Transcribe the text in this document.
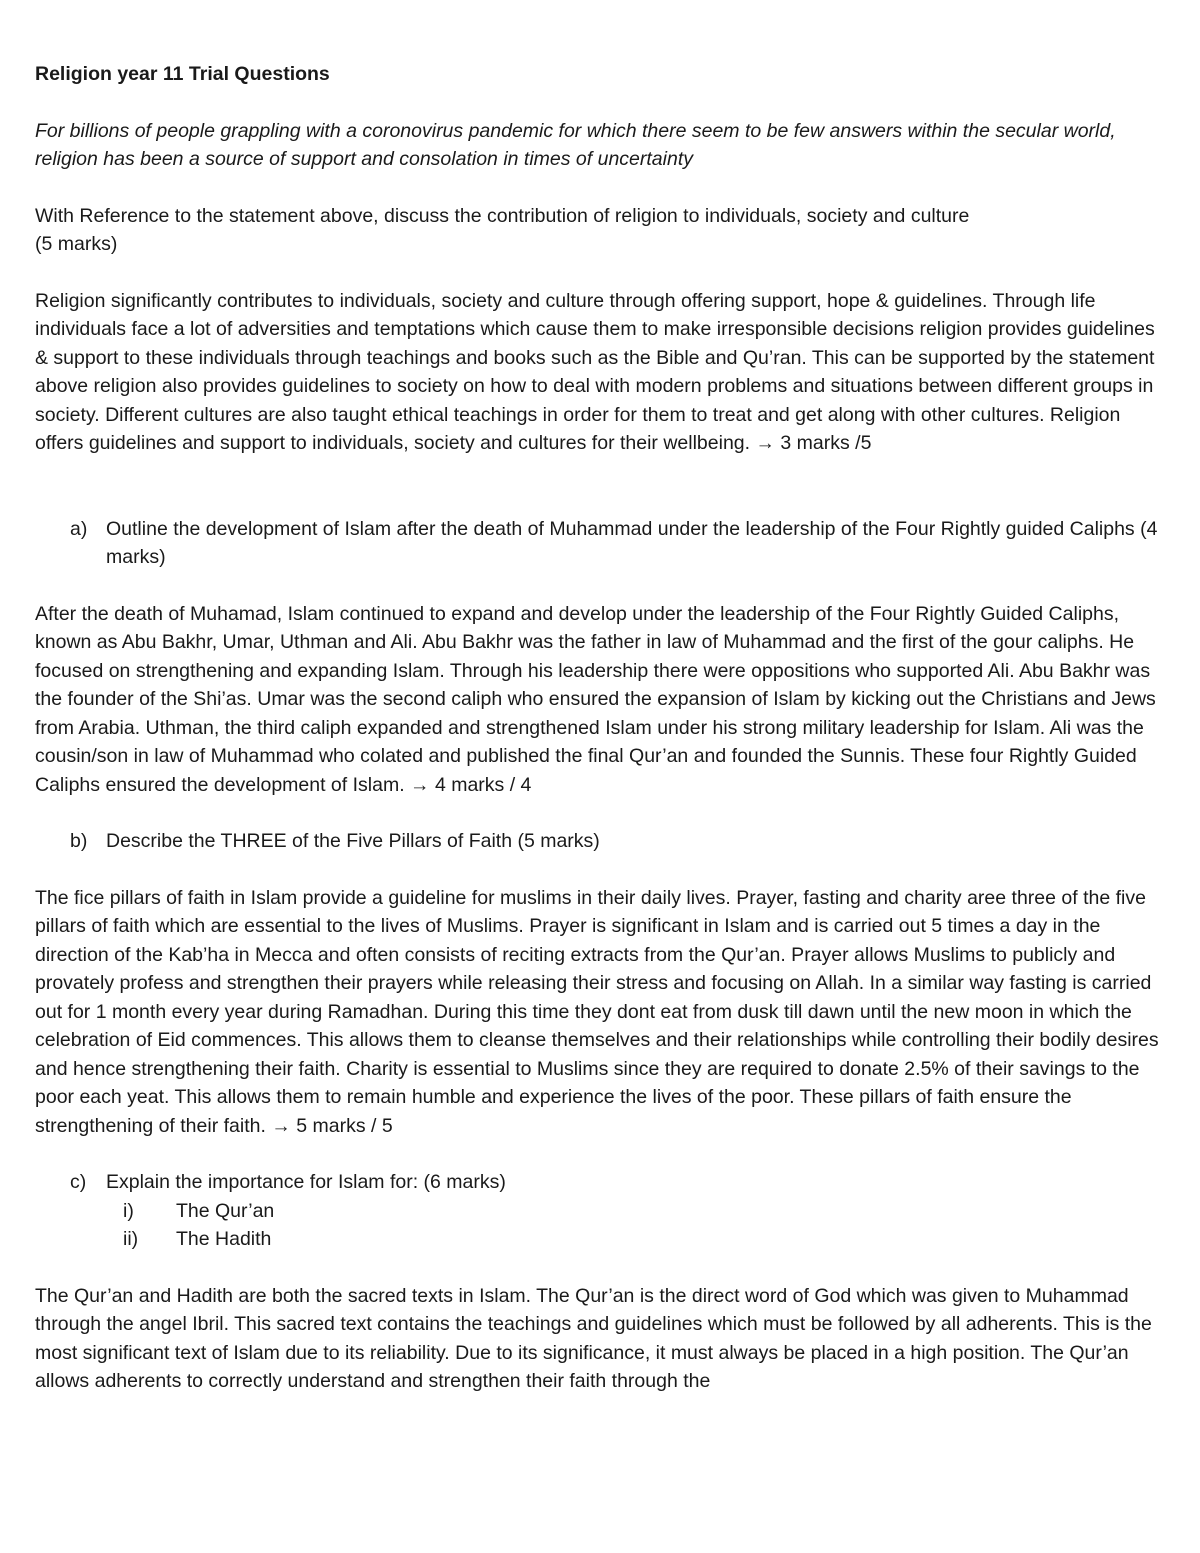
Religion year 11 Trial Questions

For billions of people grappling with a coronovirus pandemic for which there seem to be few answers within the secular world, religion has been a source of support and consolation in times of uncertainty

With Reference to the statement above, discuss the contribution of religion to individuals, society and culture

(5 marks)

Religion significantly contributes to individuals, society and culture through offering support, hope & guidelines. Through life individuals face a lot of adversities and temptations which cause them to make irresponsible decisions religion provides guidelines & support to these individuals through teachings and books such as the Bible and Qu’ran. This can be supported by the statement above religion also provides guidelines to society on how to deal with modern problems and situations between different groups in society. Different cultures are also taught ethical teachings in order for them to treat and get along with other cultures. Religion offers guidelines and support to individuals, society and cultures for their wellbeing. → 3 marks /5

a) Outline the development of Islam after the death of Muhammad under the leadership of the Four Rightly guided Caliphs (4 marks)

After the death of Muhamad, Islam continued to expand and develop under the leadership of the Four Rightly Guided Caliphs, known as Abu Bakhr, Umar, Uthman and Ali. Abu Bakhr was the father in law of Muhammad and the first of the gour caliphs. He focused on strengthening and expanding Islam. Through his leadership there were oppositions who supported Ali. Abu Bakhr was the founder of the Shi’as. Umar was the second caliph who ensured the expansion of Islam by kicking out the Christians and Jews from Arabia. Uthman, the third caliph expanded and strengthened Islam under his strong military leadership for Islam. Ali was the cousin/son in law of Muhammad who colated and published the final Qur’an and founded the Sunnis. These four Rightly Guided Caliphs ensured the development of Islam. → 4 marks / 4

b) Describe the THREE of the Five Pillars of Faith (5 marks)

The fice pillars of faith in Islam provide a guideline for muslims in their daily lives. Prayer, fasting and charity aree three of the five pillars of faith which are essential to the lives of Muslims. Prayer is significant in Islam and is carried out 5 times a day in the direction of the Kab’ha in Mecca and often consists of reciting extracts from the Qur’an. Prayer allows Muslims to publicly and provately profess and strengthen their prayers while releasing their stress and focusing on Allah. In a similar way fasting is carried out for 1 month every year during Ramadhan. During this time they dont eat from dusk till dawn until the new moon in which the celebration of Eid commences. This allows them to cleanse themselves and their relationships while controlling their bodily desires and hence strengthening their faith. Charity is essential to Muslims since they are required to donate 2.5% of their savings to the poor each yeat. This allows them to remain humble and experience the lives of the poor. These pillars of faith ensure the strengthening of their faith. → 5 marks / 5

c)	Explain the importance for Islam for: (6 marks)
i)	The Qur’an
ii)	The Hadith

The Qur’an and Hadith are both the sacred texts in Islam. The Qur’an is the direct word of God which was given to Muhammad through the angel Ibril. This sacred text contains the teachings and guidelines which must be followed by all adherents. This is the most significant text of Islam due to its reliability. Due to its significance, it must always be placed in a high position. The Qur’an allows adherents to correctly understand and strengthen their faith through the
